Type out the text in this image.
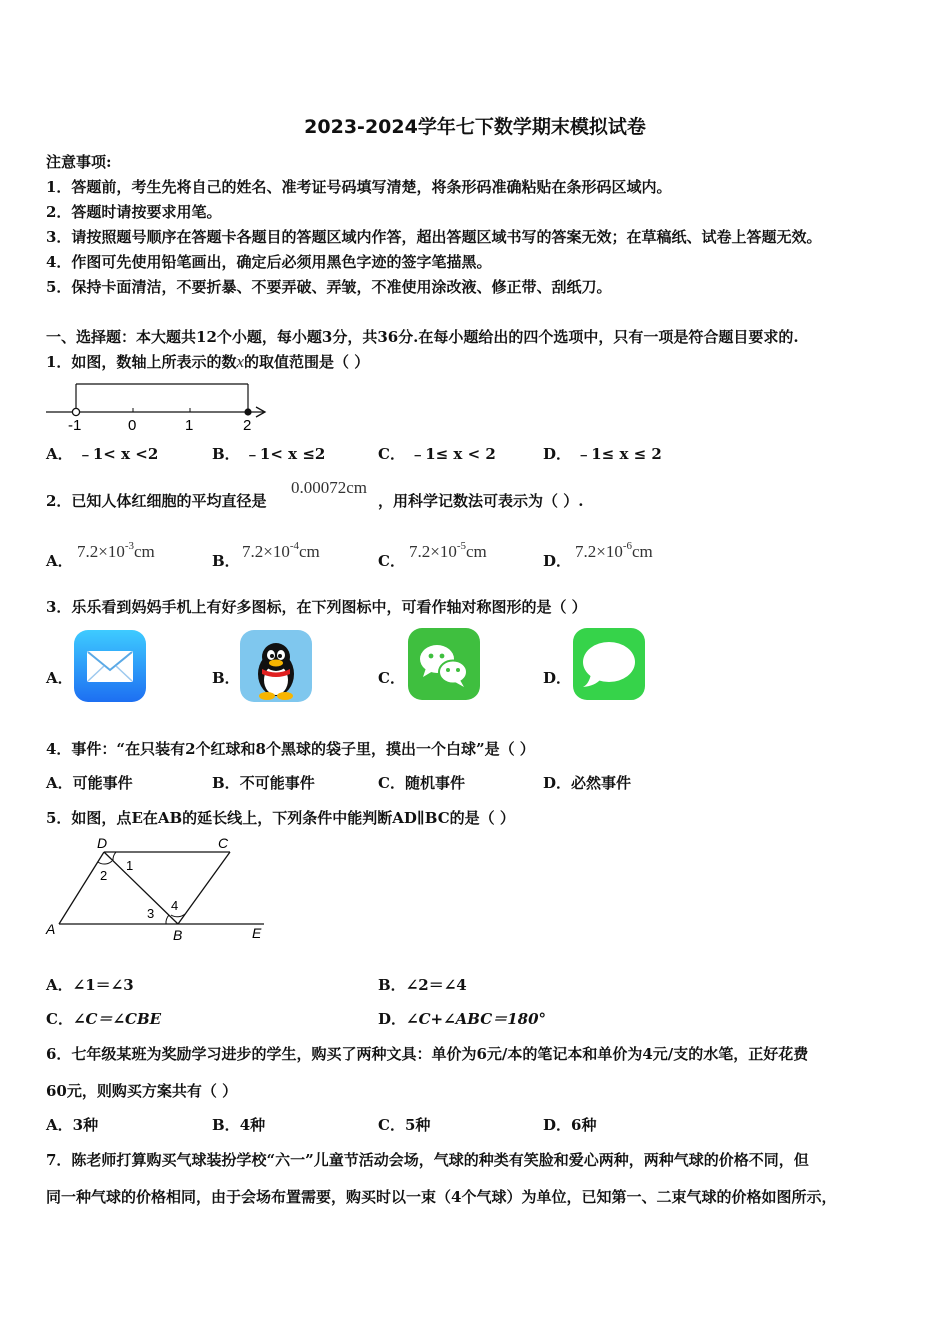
2023-2024学年七下数学期末模拟试卷
注意事项:
1．答题前，考生先将自己的姓名、准考证号码填写清楚，将条形码准确粘贴在条形码区域内。
2．答题时请按要求用笔。
3．请按照题号顺序在答题卡各题目的答题区域内作答，超出答题区域书写的答案无效；在草稿纸、试卷上答题无效。
4．作图可先使用铅笔画出，确定后必须用黑色字迹的签字笔描黑。
5．保持卡面清洁，不要折暴、不要弄破、弄皱，不准使用涂改液、修正带、刮纸刀。
一、选择题：本大题共12个小题，每小题3分，共36分.在每小题给出的四个选项中，只有一项是符合题目要求的.
1．如图，数轴上所表示的数x的取值范围是（ ）
-1	0	1	2
A． ﹣1< x <2	B． ﹣1< x ≤2	C． ﹣1≤ x < 2	D． ﹣1≤ x ≤ 2
2．已知人体红细胞的平均直径是
0.00072cm
，用科学记数法可表示为（ ）.
A． $7.2\times 10^{-3}cm$	B． $7.2\times 10^{-4}cm$	C． $7.2\times 10^{-5}cm$	D． $7.2\times 10^{-6}cm$
3．乐乐看到妈妈手机上有好多图标，在下列图标中，可看作轴对称图形的是（ ）
A．	B．	C．	D．
4．事件：“在只装有2个红球和8个黑球的袋子里，摸出一个白球”是（ ）
A．可能事件	B．不可能事件	C．随机事件	D．必然事件
5．如图，点E在AB的延长线上，下列条件中能判断AD∥BC的是（ ）
D	C
A	B	E
1
2
3
4
A．∠1＝∠3	B．∠2＝∠4
C．∠C＝∠CBE	D．∠C+∠ABC＝180°
6．七年级某班为奖励学习进步的学生，购买了两种文具：单价为6元/本的笔记本和单价为4元/支的水笔，正好花费
60元，则购买方案共有（ ）
A．3种	B．4种	C．5种	D．6种
7．陈老师打算购买气球装扮学校“六一”儿童节活动会场，气球的种类有笑脸和爱心两种，两种气球的价格不同，但
同一种气球的价格相同，由于会场布置需要，购买时以一束（4个气球）为单位，已知第一、二束气球的价格如图所示，
